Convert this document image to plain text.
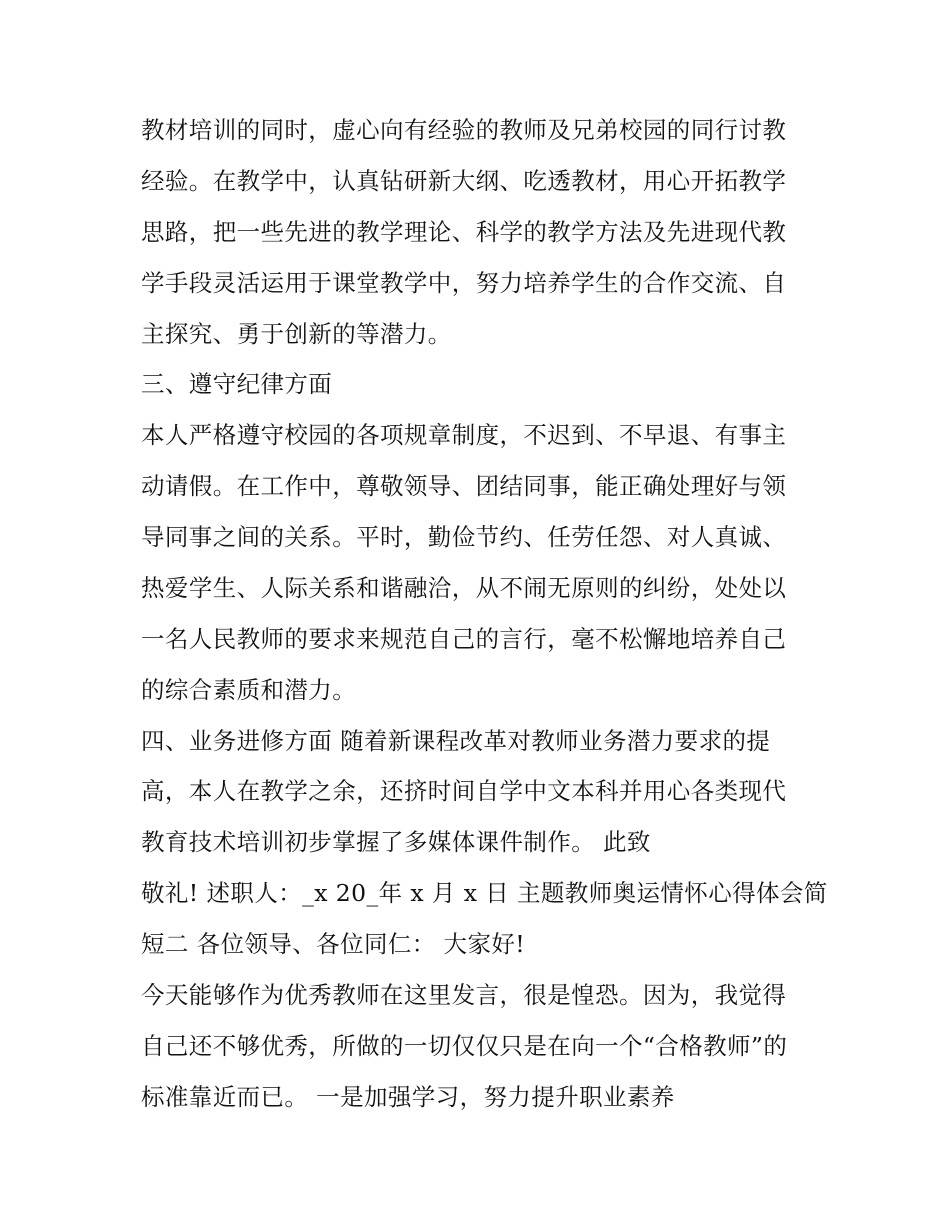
教材培训的同时，虚心向有经验的教师及兄弟校园的同行讨教
经验。在教学中，认真钻研新大纲、吃透教材，用心开拓教学
思路，把一些先进的教学理论、科学的教学方法及先进现代教
学手段灵活运用于课堂教学中，努力培养学生的合作交流、自
主探究、勇于创新的等潜力。
三、遵守纪律方面
本人严格遵守校园的各项规章制度，不迟到、不早退、有事主
动请假。在工作中，尊敬领导、团结同事，能正确处理好与领
导同事之间的关系。平时，勤俭节约、任劳任怨、对人真诚、
热爱学生、人际关系和谐融洽，从不闹无原则的纠纷，处处以
一名人民教师的要求来规范自己的言行，毫不松懈地培养自己
的综合素质和潜力。
四、业务进修方面 随着新课程改革对教师业务潜力要求的提
高，本人在教学之余，还挤时间自学中文本科并用心各类现代
教育技术培训初步掌握了多媒体课件制作。 此致
敬礼! 述职人：_x 20_年 x 月 x 日 主题教师奥运情怀心得体会简
短二 各位领导、各位同仁： 大家好!
今天能够作为优秀教师在这里发言，很是惶恐。因为，我觉得
自己还不够优秀，所做的一切仅仅只是在向一个“合格教师”的
标准靠近而已。 一是加强学习，努力提升职业素养
